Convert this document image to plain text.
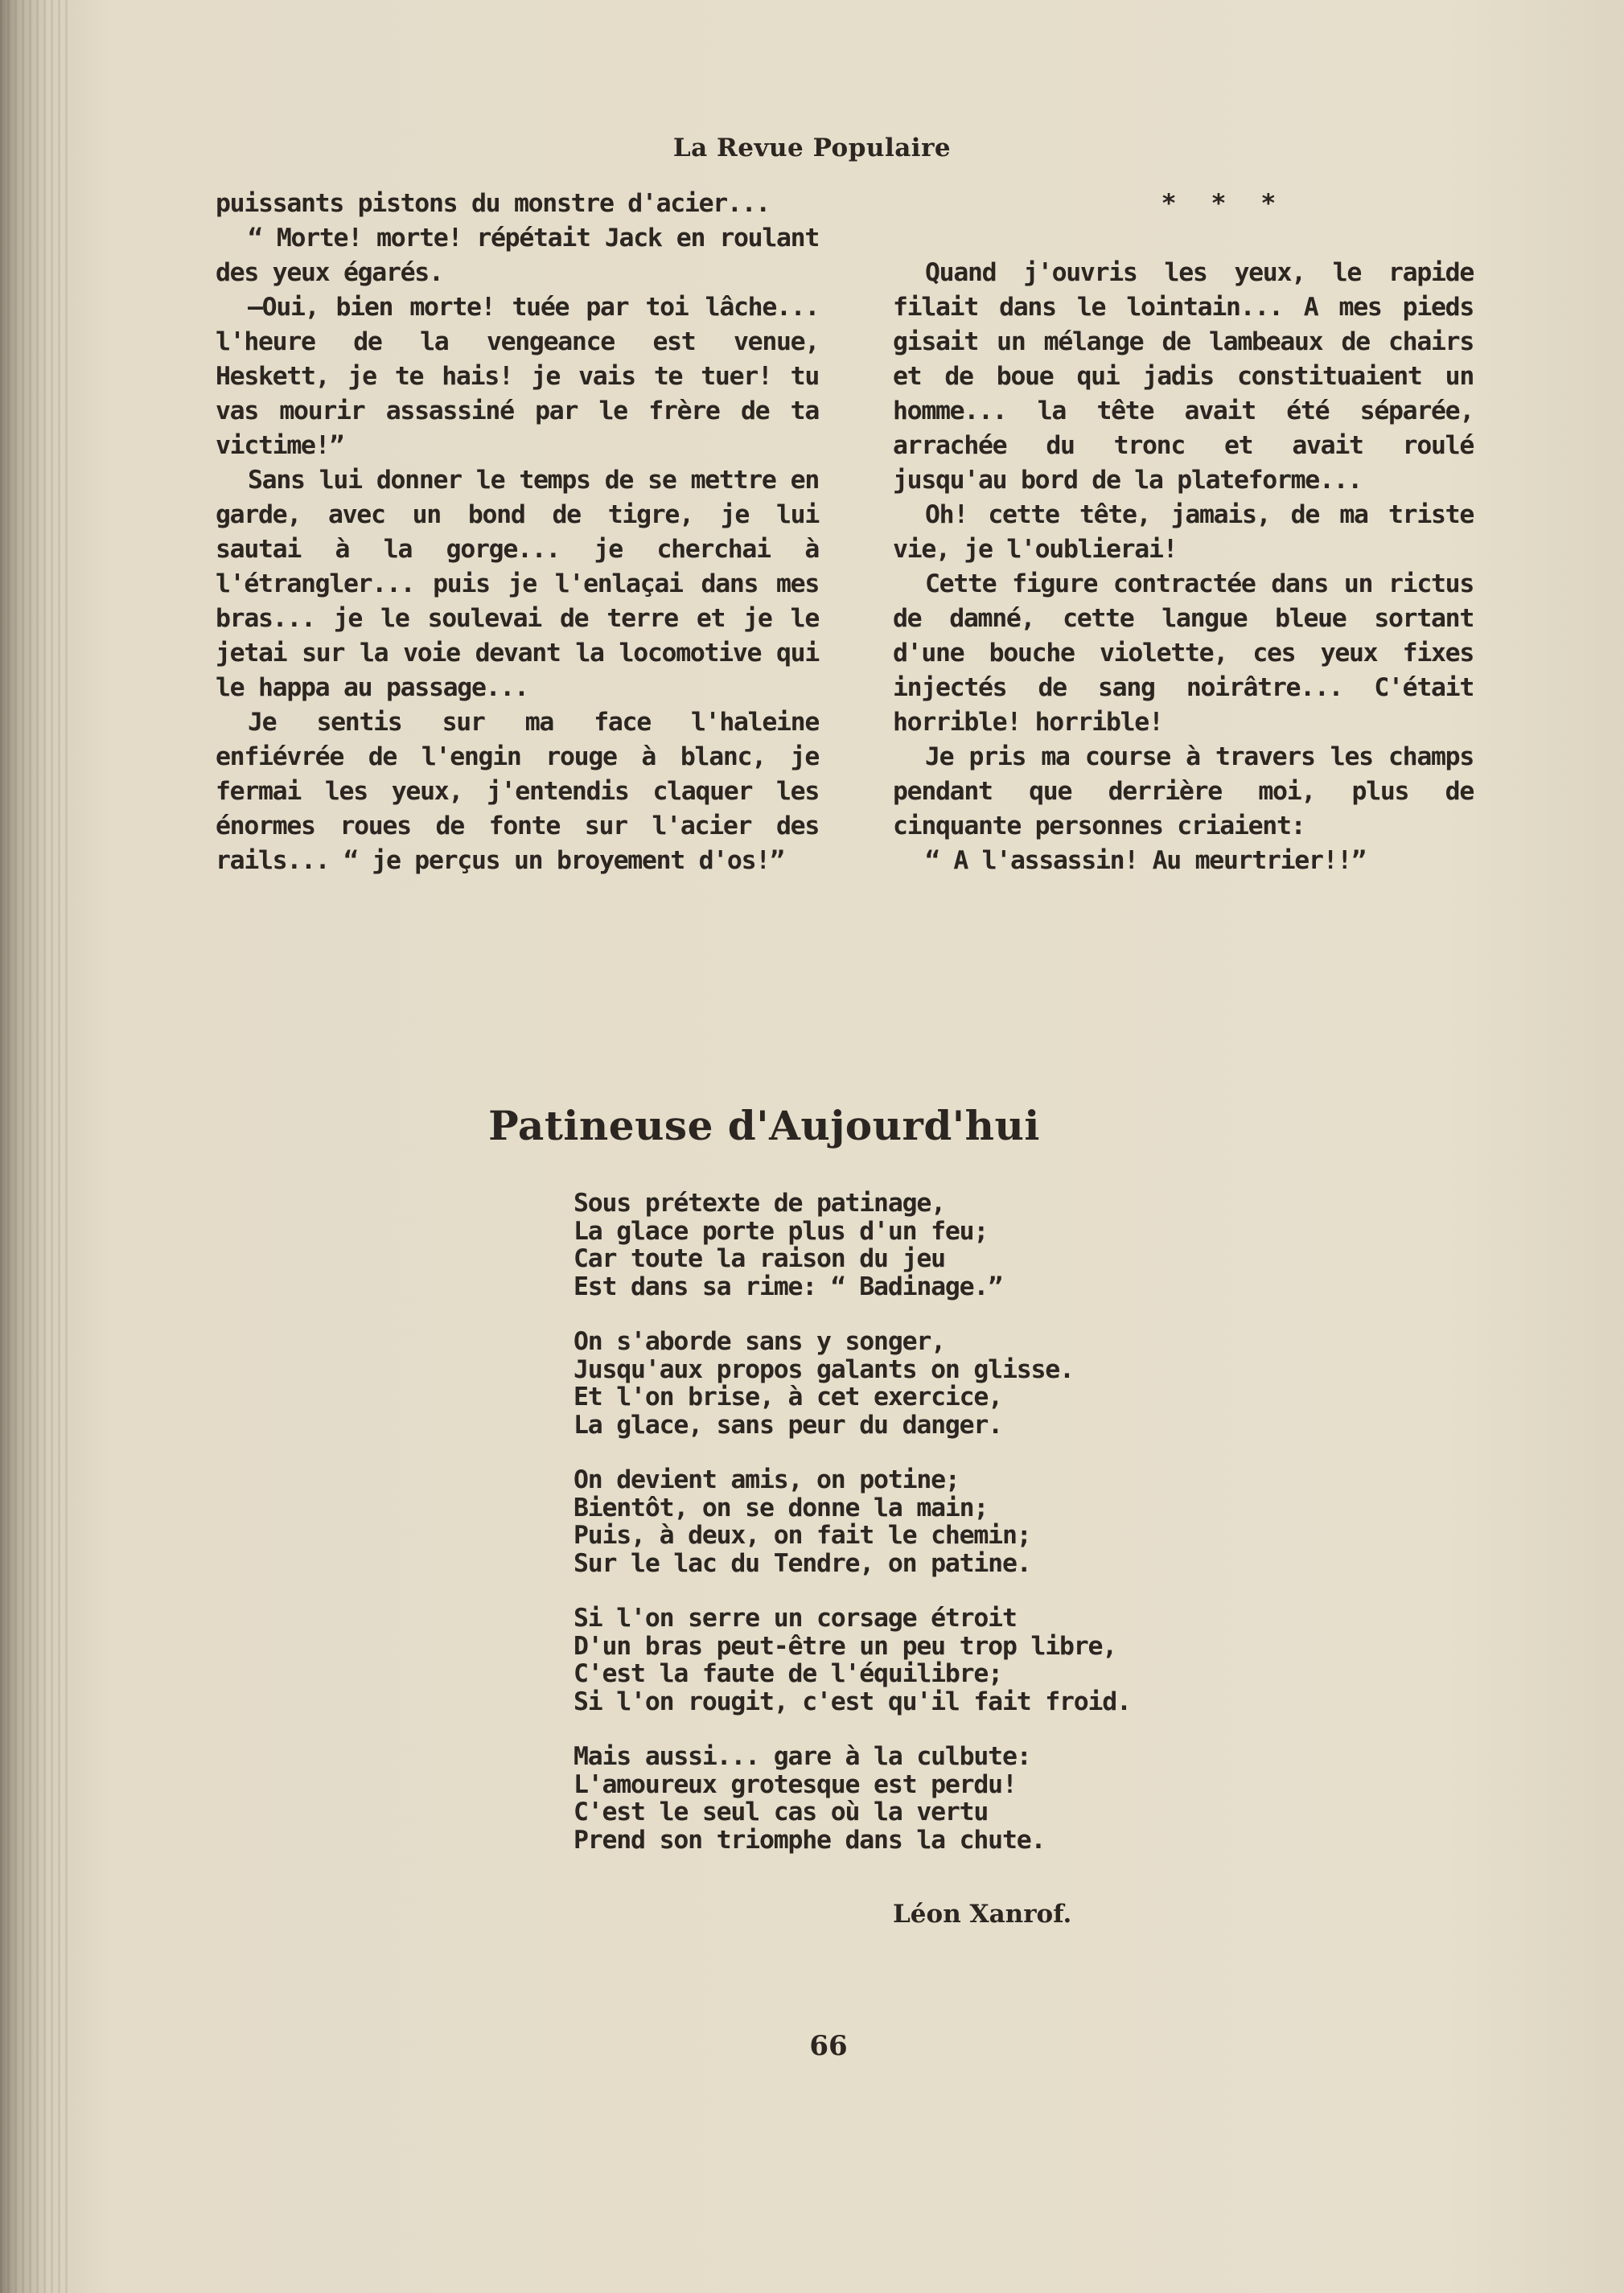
La Revue Populaire

puissants pistons du monstre d'acier...

“ Morte! morte! répétait Jack en roulant des yeux égarés.

—Oui, bien morte! tuée par toi lâche... l'heure de la vengeance est venue, Heskett, je te hais! je vais te tuer! tu vas mourir assassiné par le frère de ta victime!”

Sans lui donner le temps de se mettre en garde, avec un bond de tigre, je lui sautai à la gorge... je cherchai à l'étrangler... puis je l'enlaçai dans mes bras... je le soulevai de terre et je le jetai sur la voie devant la locomotive qui le happa au passage...

Je sentis sur ma face l'haleine enfiévrée de l'engin rouge à blanc, je fermai les yeux, j'entendis claquer les énormes roues de fonte sur l'acier des rails... “ je perçus un broyement d'os!”

* * *

Quand j'ouvris les yeux, le rapide filait dans le lointain... A mes pieds gisait un mélange de lambeaux de chairs et de boue qui jadis constituaient un homme... la tête avait été séparée, arrachée du tronc et avait roulé jusqu'au bord de la plateforme...

Oh! cette tête, jamais, de ma triste vie, je l'oublierai!

Cette figure contractée dans un rictus de damné, cette langue bleue sortant d'une bouche violette, ces yeux fixes injectés de sang noirâtre... C'était horrible! horrible!

Je pris ma course à travers les champs pendant que derrière moi, plus de cinquante personnes criaient:

“ A l'assassin! Au meurtrier!!”

Patineuse d'Aujourd'hui
Sous prétexte de patinage,
La glace porte plus d'un feu;
Car toute la raison du jeu
Est dans sa rime: “ Badinage.”
On s'aborde sans y songer,
Jusqu'aux propos galants on glisse.
Et l'on brise, à cet exercice,
La glace, sans peur du danger.
On devient amis, on potine;
Bientôt, on se donne la main;
Puis, à deux, on fait le chemin;
Sur le lac du Tendre, on patine.
Si l'on serre un corsage étroit
D'un bras peut-être un peu trop libre,
C'est la faute de l'équilibre;
Si l'on rougit, c'est qu'il fait froid.
Mais aussi... gare à la culbute:
L'amoureux grotesque est perdu!
C'est le seul cas où la vertu
Prend son triomphe dans la chute.
Léon Xanrof.
66
